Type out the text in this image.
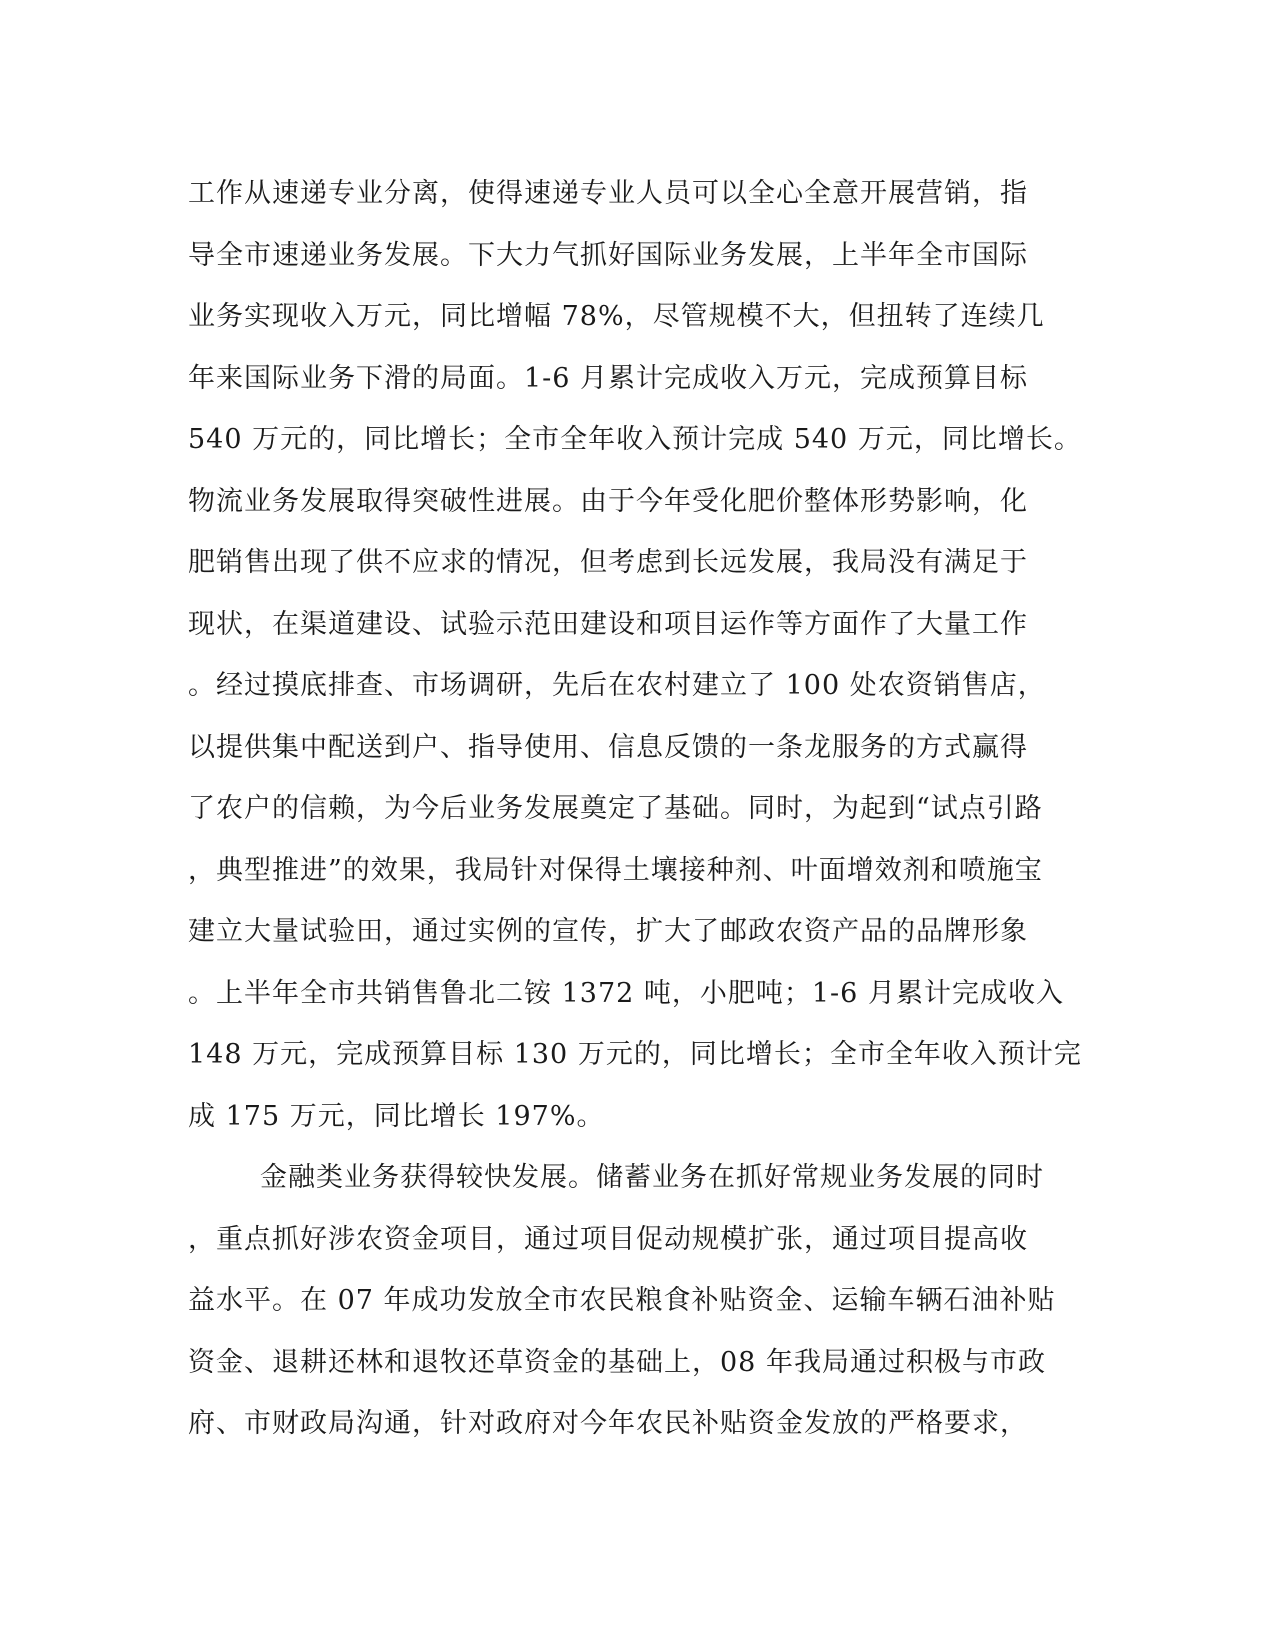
工作从速递专业分离，使得速递专业人员可以全心全意开展营销，指
导全市速递业务发展。下大力气抓好国际业务发展，上半年全市国际
业务实现收入万元，同比增幅 78%，尽管规模不大，但扭转了连续几
年来国际业务下滑的局面。1-6 月累计完成收入万元，完成预算目标
540 万元的，同比增长；全市全年收入预计完成 540 万元，同比增长。
物流业务发展取得突破性进展。由于今年受化肥价整体形势影响，化
肥销售出现了供不应求的情况，但考虑到长远发展，我局没有满足于
现状，在渠道建设、试验示范田建设和项目运作等方面作了大量工作
。经过摸底排查、市场调研，先后在农村建立了 100 处农资销售店，
以提供集中配送到户、指导使用、信息反馈的一条龙服务的方式赢得
了农户的信赖，为今后业务发展奠定了基础。同时，为起到“试点引路
，典型推进”的效果，我局针对保得土壤接种剂、叶面增效剂和喷施宝
建立大量试验田，通过实例的宣传，扩大了邮政农资产品的品牌形象
。上半年全市共销售鲁北二铵 1372 吨，小肥吨；1-6 月累计完成收入
148 万元，完成预算目标 130 万元的，同比增长；全市全年收入预计完
成 175 万元，同比增长 197%。
金融类业务获得较快发展。储蓄业务在抓好常规业务发展的同时
，重点抓好涉农资金项目，通过项目促动规模扩张，通过项目提高收
益水平。在 07 年成功发放全市农民粮食补贴资金、运输车辆石油补贴
资金、退耕还林和退牧还草资金的基础上，08 年我局通过积极与市政
府、市财政局沟通，针对政府对今年农民补贴资金发放的严格要求，
